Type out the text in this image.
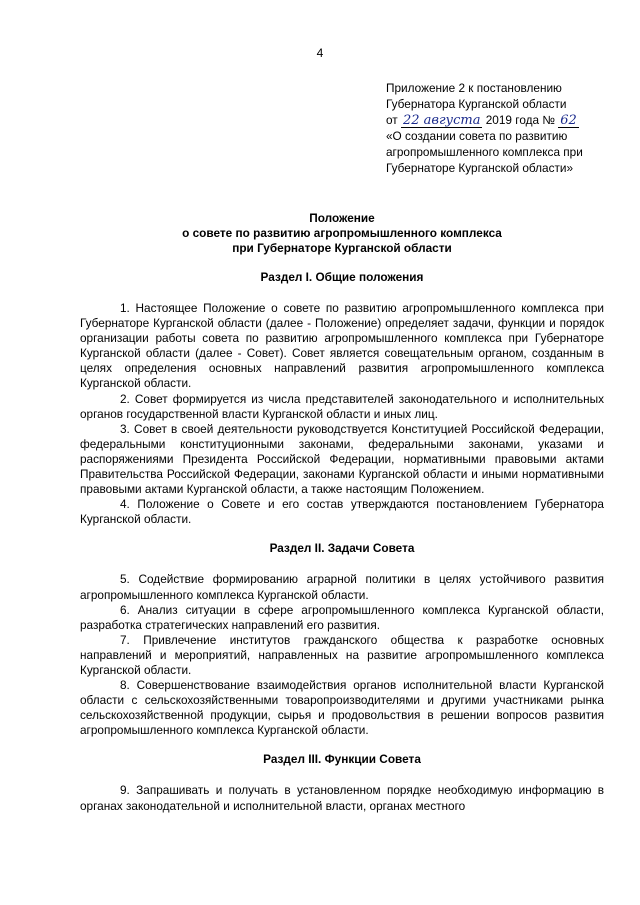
4
Приложение 2 к постановлению
Губернатора Курганской области
от 22 августа 2019 года № 62
«О создании совета по развитию агропромышленного комплекса при Губернаторе Курганской области»
Положение
о совете по развитию агропромышленного комплекса
при Губернаторе Курганской области
Раздел I. Общие положения

1. Настоящее Положение о совете по развитию агропромышленного комплекса при Губернаторе Курганской области (далее - Положение) определяет задачи, функции и порядок организации работы совета по развитию агропромышленного комплекса при Губернаторе Курганской области (далее - Совет). Совет является совещательным органом, созданным в целях определения основных направлений развития агропромышленного комплекса Курганской области.

2. Совет формируется из числа представителей законодательного и исполнительных органов государственной власти Курганской области и иных лиц.

3. Совет в своей деятельности руководствуется Конституцией Российской Федерации, федеральными конституционными законами, федеральными законами, указами и распоряжениями Президента Российской Федерации, нормативными правовыми актами Правительства Российской Федерации, законами Курганской области и иными нормативными правовыми актами Курганской области, а также настоящим Положением.

4. Положение о Совете и его состав утверждаются постановлением Губернатора Курганской области.

Раздел II. Задачи Совета

5. Содействие формированию аграрной политики в целях устойчивого развития агропромышленного комплекса Курганской области.

6. Анализ ситуации в сфере агропромышленного комплекса Курганской области, разработка стратегических направлений его развития.

7. Привлечение институтов гражданского общества к разработке основных направлений и мероприятий, направленных на развитие агропромышленного комплекса Курганской области.

8. Совершенствование взаимодействия органов исполнительной власти Курганской области с сельскохозяйственными товаропроизводителями и другими участниками рынка сельскохозяйственной продукции, сырья и продовольствия в решении вопросов развития агропромышленного комплекса Курганской области.

Раздел III. Функции Совета

9. Запрашивать и получать в установленном порядке необходимую информацию в органах законодательной и исполнительной власти, органах местного
